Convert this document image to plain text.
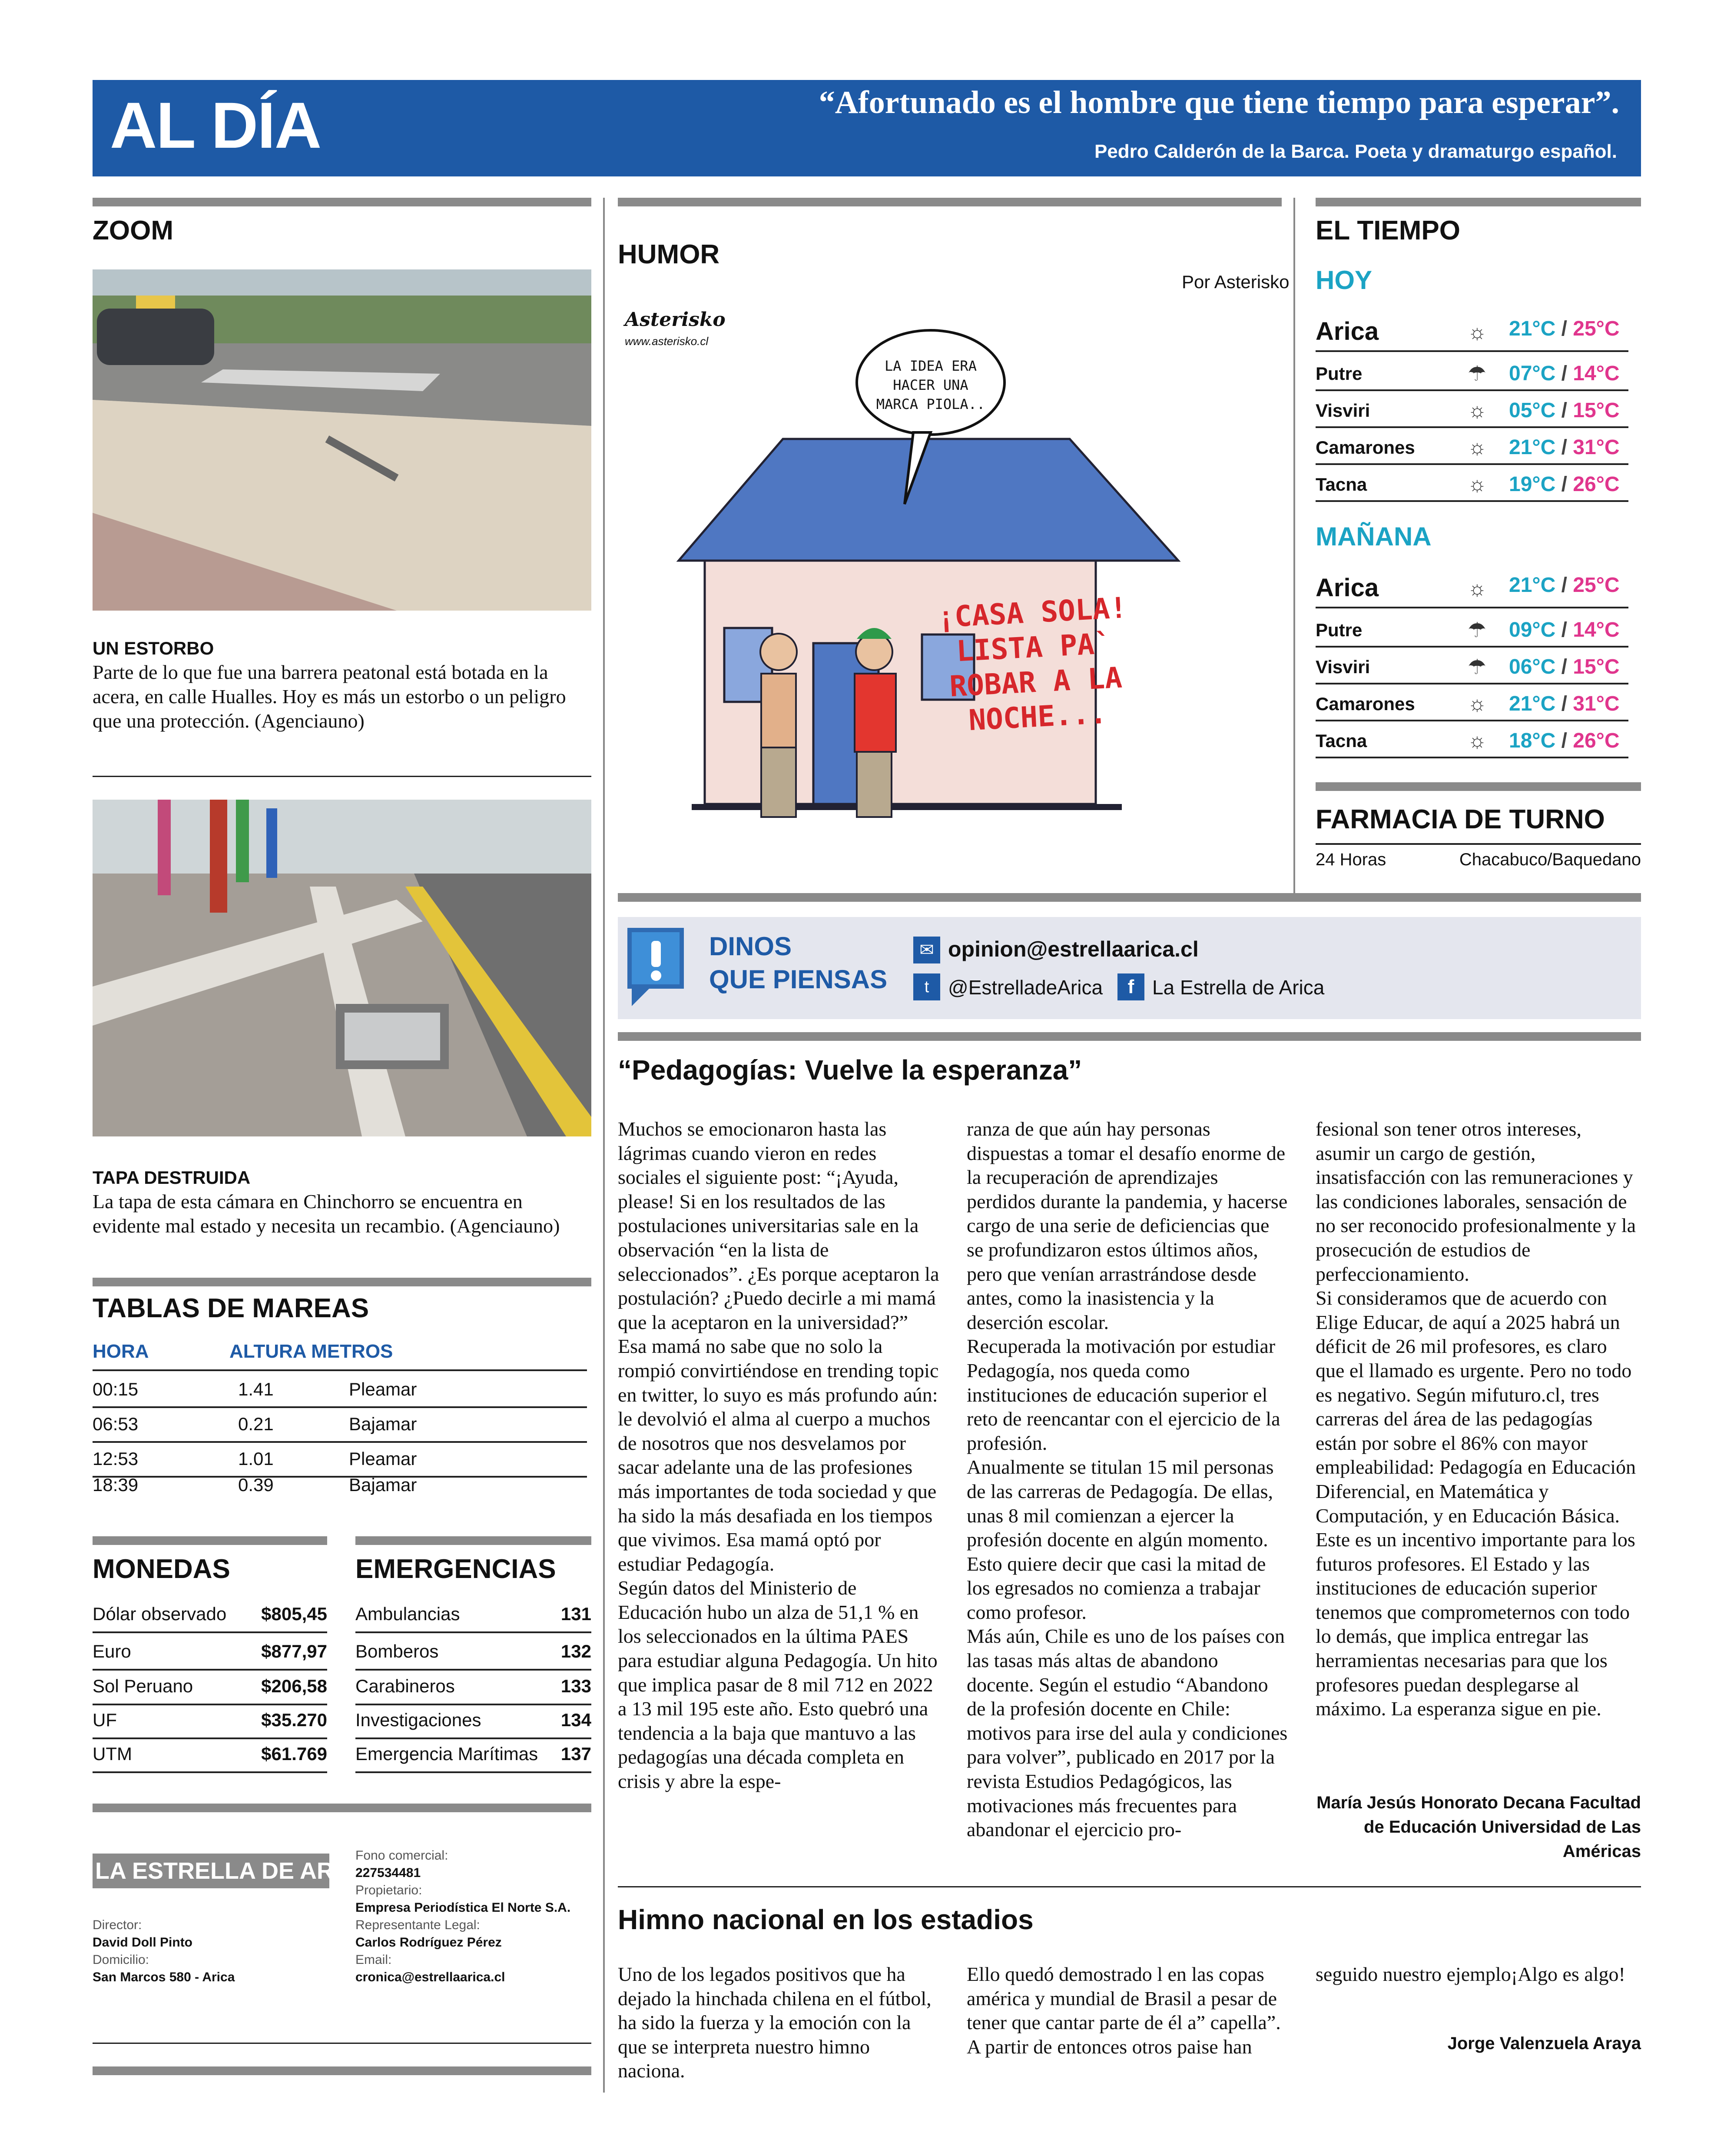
AL DÍA	“Afortunado es el hombre que tiene tiempo para esperar”.
Pedro Calderón de la Barca. Poeta y dramaturgo español.
ZOOM
UN ESTORBO
Parte de lo que fue una barrera peatonal está botada en la acera, en calle Hualles. Hoy es más un estorbo o un peligro que una protección. (Agenciauno)
TAPA DESTRUIDA
La tapa de esta cámara en Chinchorro se encuentra en evidente mal estado y necesita un recambio. (Agenciauno)
TABLAS DE MAREAS
HORA	ALTURA METROS
00:15	1.41	Pleamar
06:53	0.21	Bajamar
12:53	1.01	Pleamar
18:39	0.39	Bajamar
MONEDAS
Dólar observado $805,45
Euro	$877,97
Sol Peruano	$206,58
UF	$35.270
UTM	$61.769
EMERGENCIAS
Ambulancias	131
Bomberos	132
Carabineros	133
Investigaciones	134
Emergencia Marítimas 137
LA ESTRELLA DE ARICA
Director:
David Doll Pinto
Domicilio:
San Marcos 580 - Arica
Fono comercial:
227534481
Propietario:
Empresa Periodística El Norte S.A.
Representante Legal:
Carlos Rodríguez Pérez
Email:
cronica@estrellaarica.cl
HUMOR
Por Asterisko
Asterisko
www.asterisko.cl
LA IDEA ERA HACER UNA MARCA PIOLA..
¡CASA SOLA! LISTA PA` ROBAR A LA NOCHE...
EL TIEMPO
HOY
Arica	☼ 21°C / 25°C
Putre	☂ 07°C / 14°C
Visviri	☼ 05°C / 15°C
Camarones	☼ 21°C / 31°C
Tacna	☼ 19°C / 26°C
MAÑANA
Arica	☼ 21°C / 25°C
Putre	☂ 09°C / 14°C
Visviri	☂ 06°C / 15°C
Camarones	☼ 21°C / 31°C
Tacna	☼ 18°C / 26°C
FARMACIA DE TURNO
24 Horas	Chacabuco/Baquedano
DINOS
QUE PIENSAS
✉ opinion@estrellaarica.cl
t @EstrelladeArica	f La Estrella de Arica
“Pedagogías: Vuelve la esperanza”
Muchos se emocionaron hasta las lágrimas cuando vieron en redes sociales el siguiente post: “¡Ayuda, please! Si en los resultados de las postulaciones universitarias sale en la observación “en la lista de seleccionados”. ¿Es porque aceptaron la postulación? ¿Puedo decirle a mi mamá que la aceptaron en la universidad?”
Esa mamá no sabe que no solo la rompió convirtiéndose en trending topic en twitter, lo suyo es más profundo aún: le devolvió el alma al cuerpo a muchos de nosotros que nos desvelamos por sacar adelante una de las profesiones más importantes de toda sociedad y que ha sido la más desafiada en los tiempos que vivimos. Esa mamá optó por estudiar Pedagogía.
Según datos del Ministerio de Educación hubo un alza de 51,1 % en los seleccionados en la última PAES para estudiar alguna Pedagogía. Un hito que implica pasar de 8 mil 712 en 2022 a 13 mil 195 este año. Esto quebró una tendencia a la baja que mantuvo a las pedagogías una década completa en crisis y abre la espe-
ranza de que aún hay personas dispuestas a tomar el desafío enorme de la recuperación de aprendizajes perdidos durante la pandemia, y hacerse cargo de una serie de deficiencias que se profundizaron estos últimos años, pero que venían arrastrándose desde antes, como la inasistencia y la deserción escolar.
Recuperada la motivación por estudiar Pedagogía, nos queda como instituciones de educación superior el reto de reencantar con el ejercicio de la profesión.
Anualmente se titulan 15 mil personas de las carreras de Pedagogía. De ellas, unas 8 mil comienzan a ejercer la profesión docente en algún momento. Esto quiere decir que casi la mitad de los egresados no comienza a trabajar como profesor.
Más aún, Chile es uno de los países con las tasas más altas de abandono docente. Según el estudio “Abandono de la profesión docente en Chile: motivos para irse del aula y condiciones para volver”, publicado en 2017 por la revista Estudios Pedagógicos, las motivaciones más frecuentes para abandonar el ejercicio pro-
fesional son tener otros intereses, asumir un cargo de gestión, insatisfacción con las remuneraciones y las condiciones laborales, sensación de no ser reconocido profesionalmente y la prosecución de estudios de perfeccionamiento.
Si consideramos que de acuerdo con Elige Educar, de aquí a 2025 habrá un déficit de 26 mil profesores, es claro que el llamado es urgente. Pero no todo es negativo. Según mifuturo.cl, tres carreras del área de las pedagogías están por sobre el 86% con mayor empleabilidad: Pedagogía en Educación Diferencial, en Matemática y Computación, y en Educación Básica. Este es un incentivo importante para los futuros profesores. El Estado y las instituciones de educación superior tenemos que comprometernos con todo lo demás, que implica entregar las herramientas necesarias para que los profesores puedan desplegarse al máximo. La esperanza sigue en pie.
María Jesús Honorato Decana Facultad de Educación Universidad de Las Américas
Himno nacional en los estadios
Uno de los legados positivos que ha dejado la hinchada chilena en el fútbol, ha sido la fuerza y la emoción con la que se interpreta nuestro himno naciona.
Ello quedó demostrado l en las copas américa y mundial de Brasil a pesar de tener que cantar parte de él a” capella”.
A partir de entonces otros paise han
seguido nuestro ejemplo¡Algo es algo!
Jorge Valenzuela Araya
